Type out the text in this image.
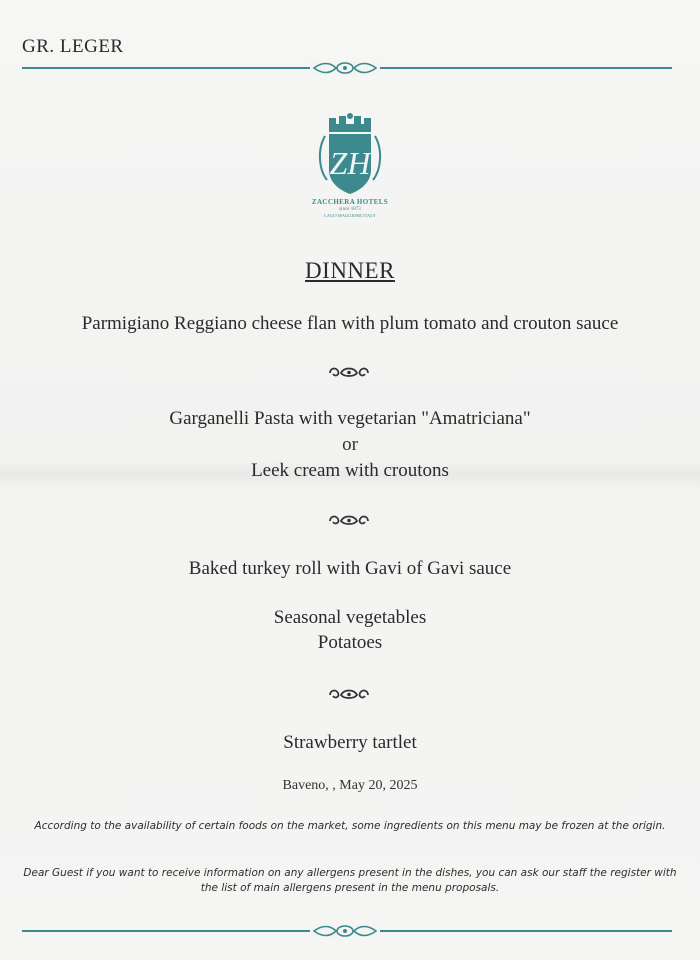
GR. LEGER
ZH
ZACCHERA HOTELS
since 1873
LAGO MAGGIORE ITALY
DINNER
Parmigiano Reggiano cheese flan with plum tomato and crouton sauce
Garganelli Pasta with vegetarian "Amatriciana"
or
Leek cream with croutons
Baked turkey roll with Gavi of Gavi sauce
Seasonal vegetables
Potatoes
Strawberry tartlet
Baveno, , May 20, 2025
According to the availability of certain foods on the market, some ingredients on this menu may be frozen at the origin.
Dear Guest if you want to receive information on any allergens present in the dishes, you can ask our staff the register with the list of main allergens present in the menu proposals.
